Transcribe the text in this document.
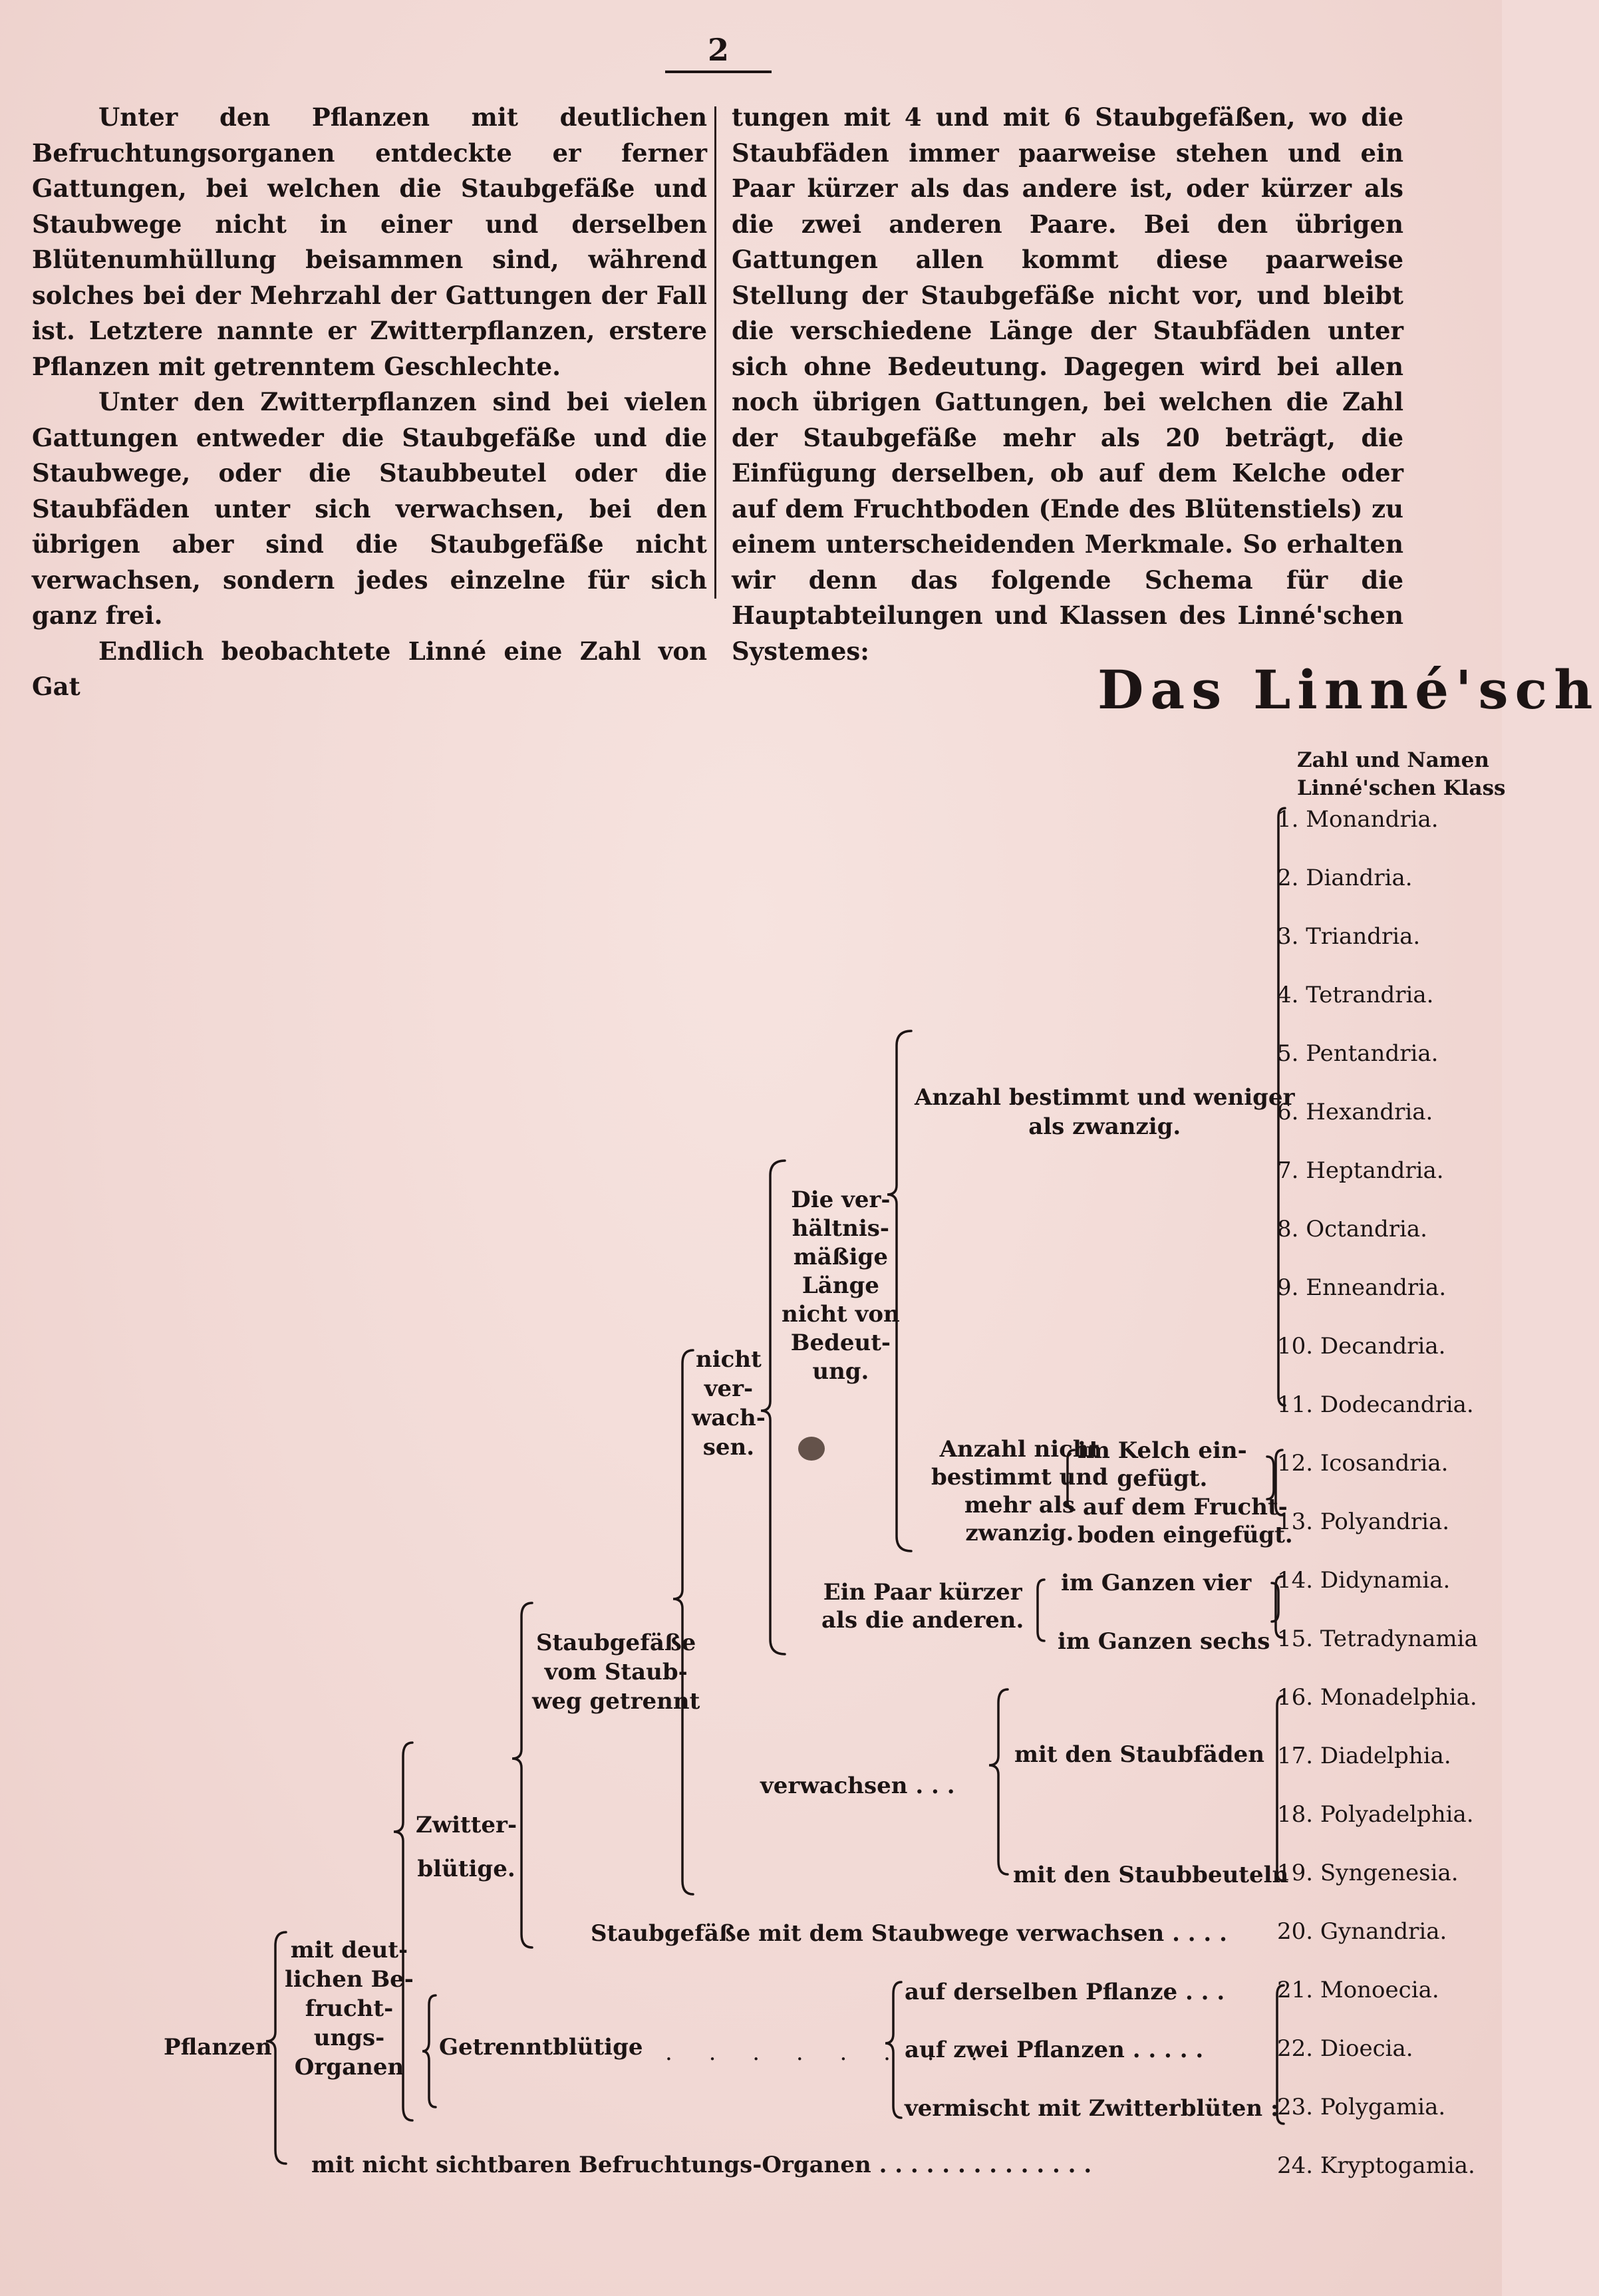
2

Unter den Pflanzen mit deutlichen Befruchtungsorganen entdeckte er ferner Gattungen, bei welchen die Staubgefäße und Staubwege nicht in einer und derselben Blütenumhüllung beisammen sind, während solches bei der Mehrzahl der Gattungen der Fall ist. Letztere nannte er Zwitterpflanzen, erstere Pflanzen mit getrenntem Geschlechte.

Unter den Zwitterpflanzen sind bei vielen Gattungen entweder die Staubgefäße und die Staubwege, oder die Staubbeutel oder die Staubfäden unter sich verwachsen, bei den übrigen aber sind die Staubgefäße nicht verwachsen, sondern jedes einzelne für sich ganz frei.

Endlich beobachtete Linné eine Zahl von Gat

tungen mit 4 und mit 6 Staubgefäßen, wo die Staubfäden immer paarweise stehen und ein Paar kürzer als das andere ist, oder kürzer als die zwei anderen Paare. Bei den übrigen Gattungen allen kommt diese paarweise Stellung der Staubgefäße nicht vor, und bleibt die verschiedene Länge der Staubfäden unter sich ohne Bedeutung. Dagegen wird bei allen noch übrigen Gattungen, bei welchen die Zahl der Staubgefäße mehr als 20 beträgt, die Einfügung derselben, ob auf dem Kelche oder auf dem Fruchtboden (Ende des Blütenstiels) zu einem unterscheidenden Merkmale. So erhalten wir denn das folgende Schema für die Hauptabteilungen und Klassen des Linné'schen Systemes:

Das Linné'sch
Zahl und Namen
Linné'schen Klass
1. Monandria.
2. Diandria.
3. Triandria.
4. Tetrandria.
5. Pentandria.
6. Hexandria.
7. Heptandria.
8. Octandria.
9. Enneandria.
10. Decandria.
11. Dodecandria.
12. Icosandria.
13. Polyandria.
14. Didynamia.
15. Tetradynamia
16. Monadelphia.
17. Diadelphia.
18. Polyadelphia.
19. Syngenesia.
20. Gynandria.
21. Monoecia.
22. Dioecia.
23. Polygamia.
24. Kryptogamia.
Anzahl bestimmt und weniger
als zwanzig.
Anzahl nicht
bestimmt und
mehr als
zwanzig.
im Kelch ein-
gefügt.
auf dem Frucht-
boden eingefügt.
Die ver-
hältnis-
mäßige
Länge
nicht von
Bedeut-
ung.
Ein Paar kürzer
als die anderen.
im Ganzen vier
im Ganzen sechs
nicht
ver-
wach-
sen.
Staubgefäße
vom Staub-
weg getrennt
mit den Staubfäden
mit den Staubbeuteln
verwachsen . . .
Zwitter-
blütige.
Staubgefäße mit dem Staubwege verwachsen . . . .
Getrenntblütige . . . . . . . .
auf derselben Pflanze . . .
auf zwei Pflanzen . . . . .
vermischt mit Zwitterblüten :
mit deut-
lichen Be-
frucht-
ungs-
Organen
Pflanzen
mit nicht sichtbaren Befruchtungs-Organen . . . . . . . . . . . . . .
